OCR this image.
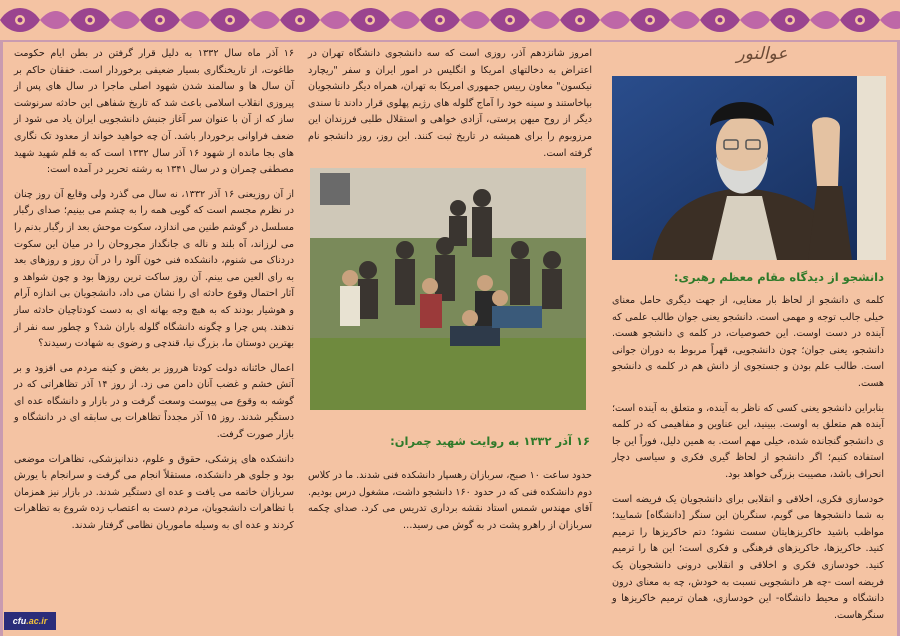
عوالنور
دانشجو از دیدگاه مقام معظم رهبری:

کلمه ی دانشجو از لحاظ بار معنایی، از جهت دیگری حامل معنای خیلی جالب توجه و مهمی است. دانشجو یعنی جوان طالب علمی که آینده در دست اوست. این خصوصیات، در کلمه ی دانشجو هست. دانشجو، یعنی جوان؛ چون دانشجویی، قهراً مربوط به دوران جوانی است. طالب علم بودن و جستجوی از دانش هم در کلمه ی دانشجو هست.

بنابراین دانشجو یعنی کسی که ناظر به آینده، و متعلق به آینده است؛ آینده هم متعلق به اوست. ببینید، این عناوین و مفاهیمی که در کلمه ی دانشجو گنجانده شده، خیلی مهم است. به همین دلیل، فوراً این جا استفاده کنیم؛ اگر دانشجو از لحاظ گیری فکری و سیاسی دچار انحراف باشد، مصیبت بزرگی خواهد بود.

خودسازی فکری، اخلاقی و انقلابی برای دانشجویان یک فریضه است به شما دانشجوها می گویم، سنگربان این سنگر [دانشگاه] شمایید؛ مواظب باشید خاکریزهایتان سست نشود؛ دتم خاکریزها را ترمیم کنید. خاکریزها، خاکریزهای فرهنگی و فکری است؛ این ها را ترمیم کنید. خودسازی فکری و اخلاقی و انقلابی درونی دانشجویان یک فریضه است -چه هر دانشجویی نسبت به خودش، چه به معنای درون دانشگاه و محیط دانشگاه- این خودسازی، همان ترمیم خاکریزها و سنگرهاست.

امروز شانزدهم آذر، روزی است که سه دانشجوی دانشگاه تهران در اعتراض به دخالتهای امریکا و انگلیس در امور ایران و سفر "ریچارد نیکسون" معاون رییس جمهوری امریکا به تهران، همراه دیگر دانشجویان بپاخاستند و سینه خود را آماج گلوله های رژیم پهلوی قرار دادند تا سندی دیگر از روح میهن پرستی، آزادی خواهی و استقلال طلبی فرزندان این مرزوبوم را برای همیشه در تاریخ ثبت کنند. این روز، روز دانشجو نام گرفته است.
۱۶ آذر ۱۳۳۲ به روایت شهید چمران:
حدود ساعت ۱۰ صبح، سربازان رهسپار دانشکده فنی شدند. ما در کلاس دوم دانشکده فنی که در حدود ۱۶۰ دانشجو داشت، مشغول درس بودیم. آقای مهندس شمس استاد نقشه برداری تدریس می کرد. صدای چکمه سربازان از راهرو پشت در به گوش می رسید…

۱۶ آذر ماه سال ۱۳۳۲ به دلیل قرار گرفتن در بطن ایام حکومت طاغوت، از تاریخنگاری بسیار ضعیفی برخوردار است. خفقان حاکم بر آن سال ها و سالمند شدن شهود اصلی ماجرا در سال های پس از پیروزی انقلاب اسلامی باعث شد که تاریخ شفاهی این حادثه سرنوشت ساز که از آن با عنوان سر آغاز جنبش دانشجویی ایران یاد می شود از ضعف فراوانی برخوردار باشد. آن چه خواهید خواند از معدود تک نگاری های بجا مانده از شهود ۱۶ آذر سال ۱۳۳۲ است که به قلم شهید شهید مصطفی چمران و در سال ۱۳۴۱ به رشته تحریر در آمده است:

از آن روزیعنی ۱۶ آذر ۱۳۳۲، نه سال می گذرد ولی وقایع آن روز چنان در نظرم مجسم است که گویی همه را به چشم می بینیم؛ صدای رگبار مسلسل در گوشم طنین می اندازد، سکوت موحش بعد از رگبار بدنم را می لرزاند، آه بلند و ناله ی جانگداز مجروحان را در میان این سکوت دردناک می شنوم، دانشکده فنی خون آلود را در آن روز و روزهای بعد به رای العین می بینم. آن روز ساکت ترین روزها بود و چون شواهد و آثار احتمال وقوع حادثه ای را نشان می داد، دانشجویان بی اندازه آرام و هوشیار بودند که به هیچ وجه بهانه ای به دست کودتاچیان حادثه ساز ندهند. پس چرا و چگونه دانشگاه گلوله باران شد؟ و چطور سه نفر از بهترین دوستان ما، بزرگ نیا، قندچی و رضوی به شهادت رسیدند؟

اعمال خائنانه دولت کودتا هرروز بر بغض و کینه مردم می افزود و بر آتش خشم و غضب آنان دامن می زد. از روز ۱۴ آذر تظاهراتی که در گوشه به وقوع می پیوست وسعت گرفت و در بازار و دانشگاه عده ای دستگیر شدند. روز ۱۵ آذر مجدداً تظاهرات بی سابقه ای در دانشگاه و بازار صورت گرفت.

دانشکده های پزشکی، حقوق و علوم، دندانپزشکی، تظاهرات موضعی بود و جلوی هر دانشکده، مستقلاً انجام می گرفت و سرانجام با یورش سربازان خاتمه می یافت و عده ای دستگیر شدند. در بازار نیز همزمان با تظاهرات دانشجویان، مردم دست به اعتصاب زده شروع به تظاهرات کردند و عده ای به وسیله ماموریان نظامی گرفتار شدند.

cfu .ac.ir
